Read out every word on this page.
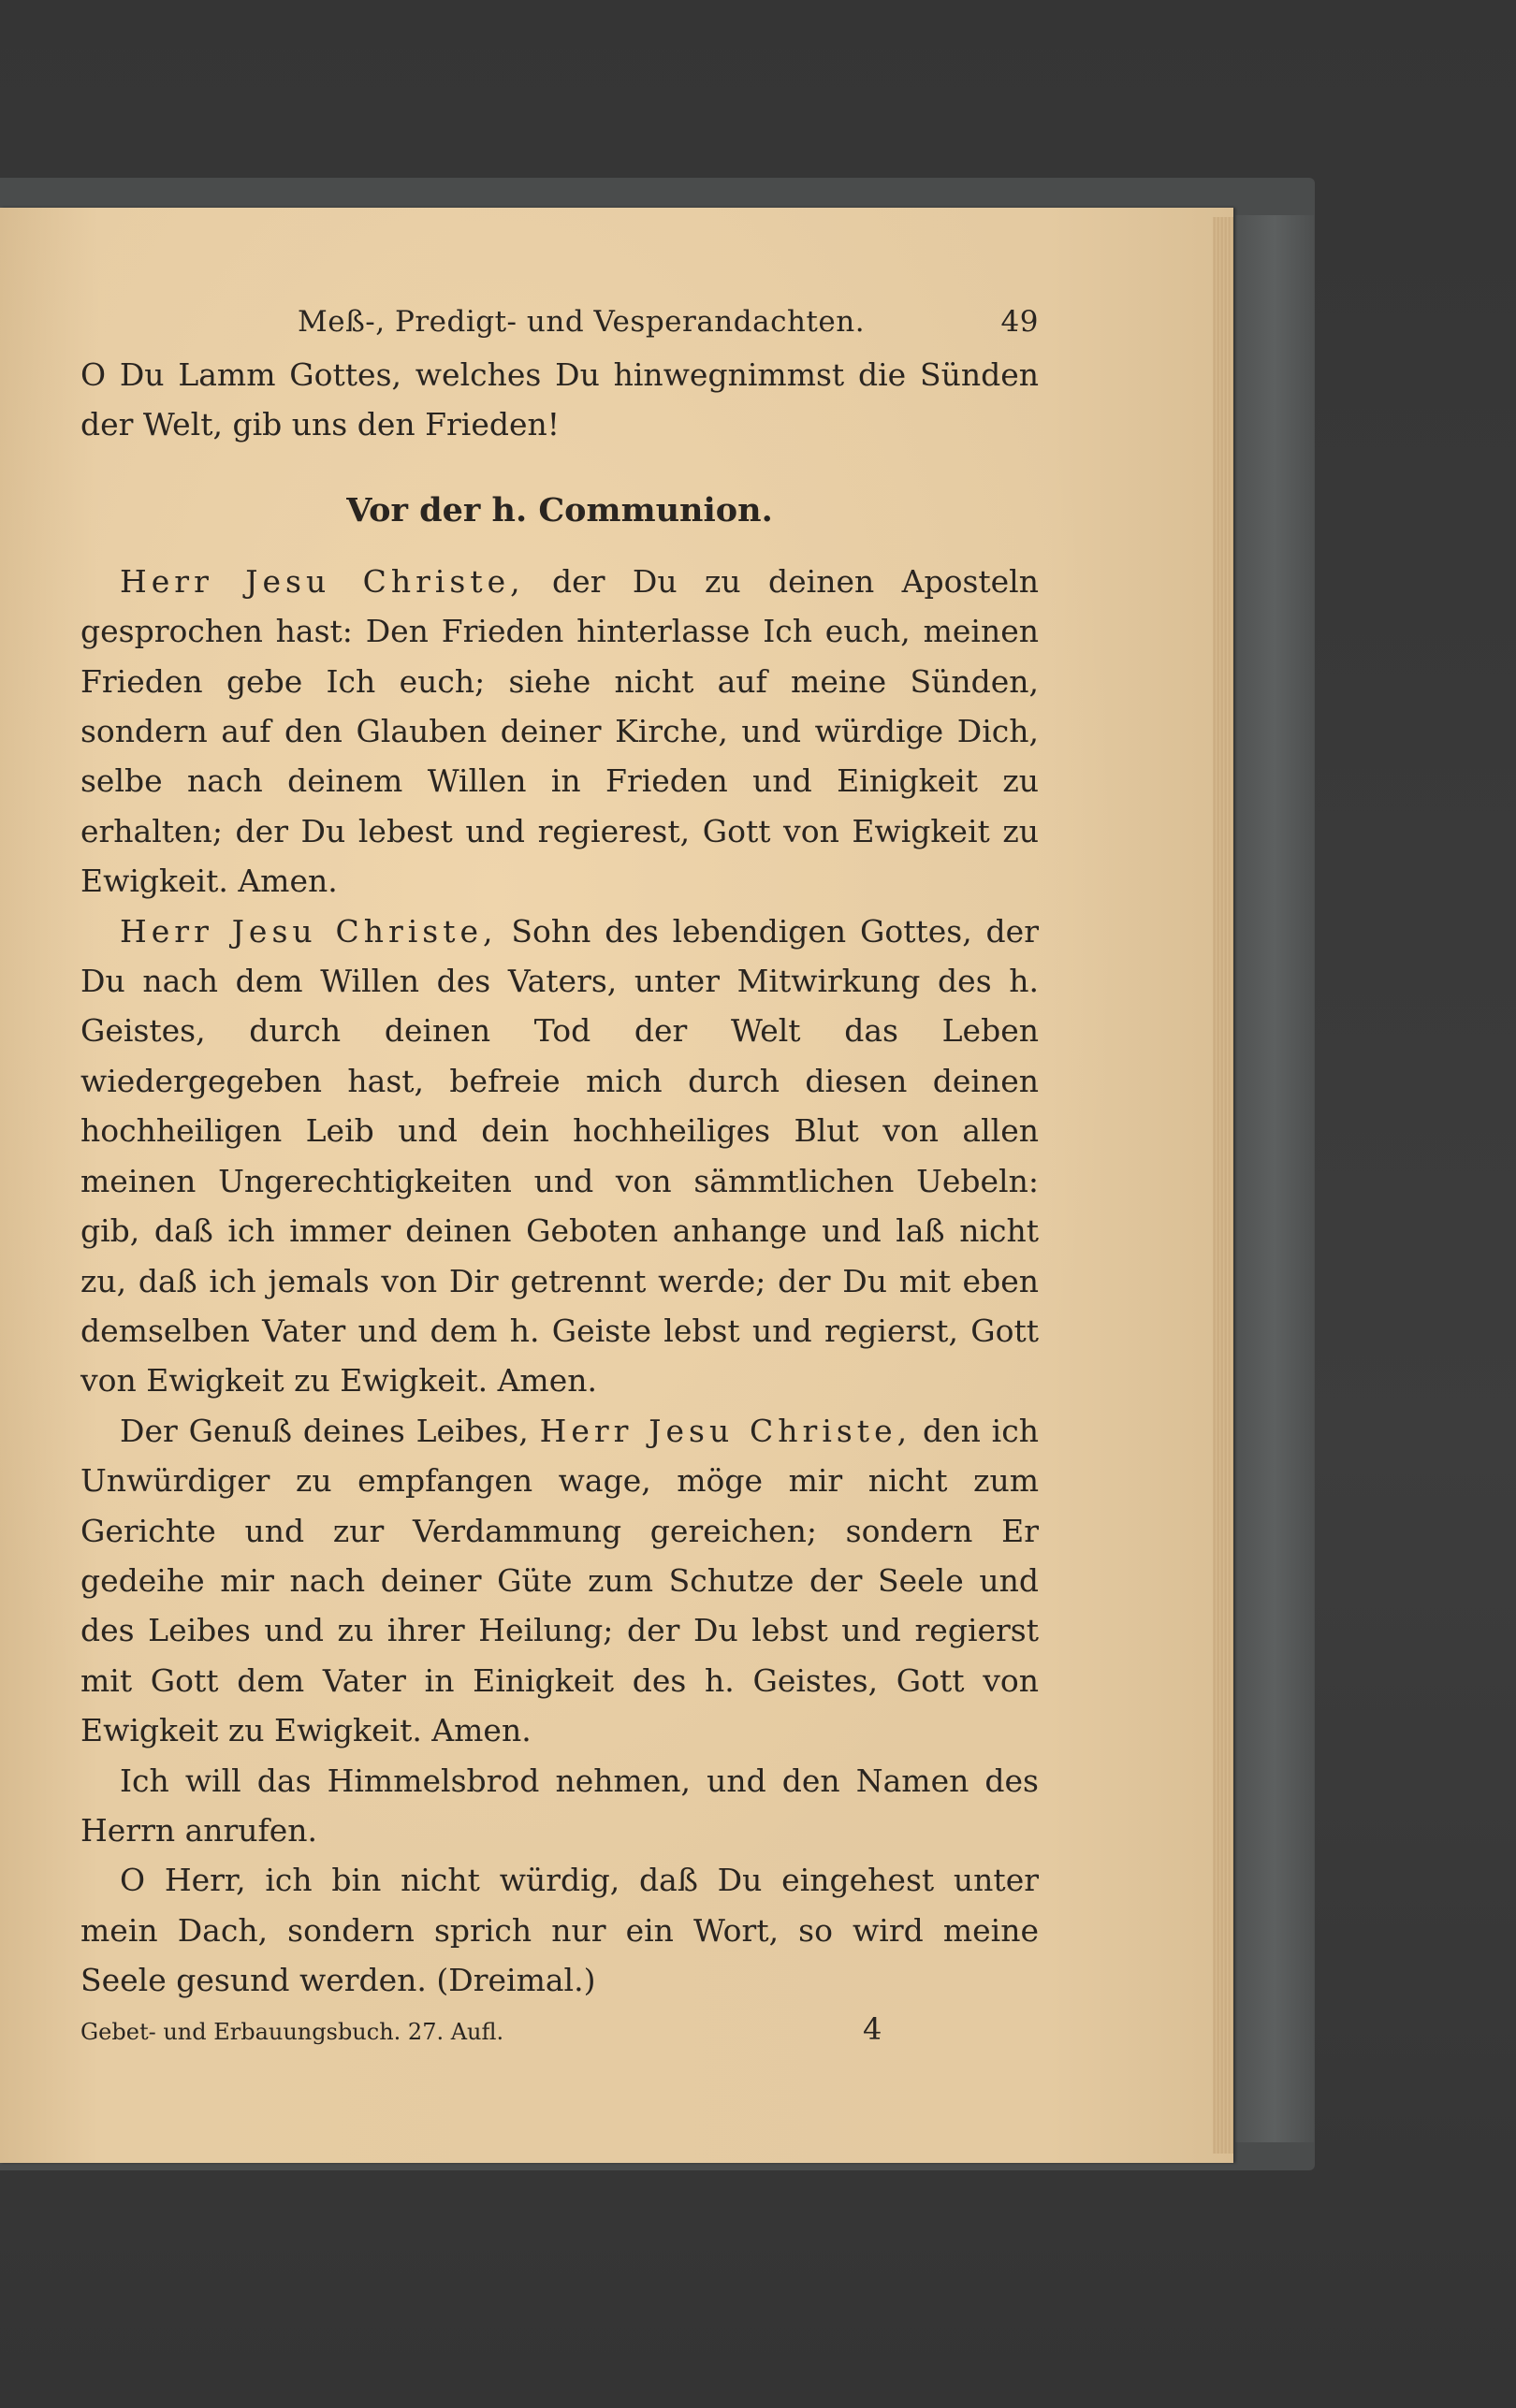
Meß-, Predigt- und Vesperandachten.	49

O Du Lamm Gottes, welches Du hinwegnimmst die Sünden der Welt, gib uns den Frieden!

Vor der h. Communion.

Herr Jesu Christe, der Du zu deinen Aposteln gesprochen hast: Den Frieden hinterlasse Ich euch, meinen Frieden gebe Ich euch; siehe nicht auf meine Sünden, sondern auf den Glauben deiner Kirche, und würdige Dich, selbe nach deinem Willen in Frieden und Einigkeit zu erhalten; der Du lebest und regierest, Gott von Ewigkeit zu Ewigkeit. Amen.

Herr Jesu Christe, Sohn des lebendigen Gottes, der Du nach dem Willen des Vaters, unter Mitwirkung des h. Geistes, durch deinen Tod der Welt das Leben wiedergegeben hast, befreie mich durch diesen deinen hochheiligen Leib und dein hochheiliges Blut von allen meinen Ungerechtigkeiten und von sämmtlichen Uebeln: gib, daß ich immer deinen Geboten anhange und laß nicht zu, daß ich jemals von Dir getrennt werde; der Du mit eben demselben Vater und dem h. Geiste lebst und regierst, Gott von Ewigkeit zu Ewigkeit. Amen.

Der Genuß deines Leibes, Herr Jesu Christe, den ich Unwürdiger zu empfangen wage, möge mir nicht zum Gerichte und zur Verdammung gereichen; sondern Er gedeihe mir nach deiner Güte zum Schutze der Seele und des Leibes und zu ihrer Heilung; der Du lebst und regierst mit Gott dem Vater in Einigkeit des h. Geistes, Gott von Ewigkeit zu Ewigkeit. Amen.

Ich will das Himmelsbrod nehmen, und den Namen des Herrn anrufen.

O Herr, ich bin nicht würdig, daß Du eingehest unter mein Dach, sondern sprich nur ein Wort, so wird meine Seele gesund werden. (Dreimal.)

Gebet- und Erbauungsbuch. 27. Aufl.	4
